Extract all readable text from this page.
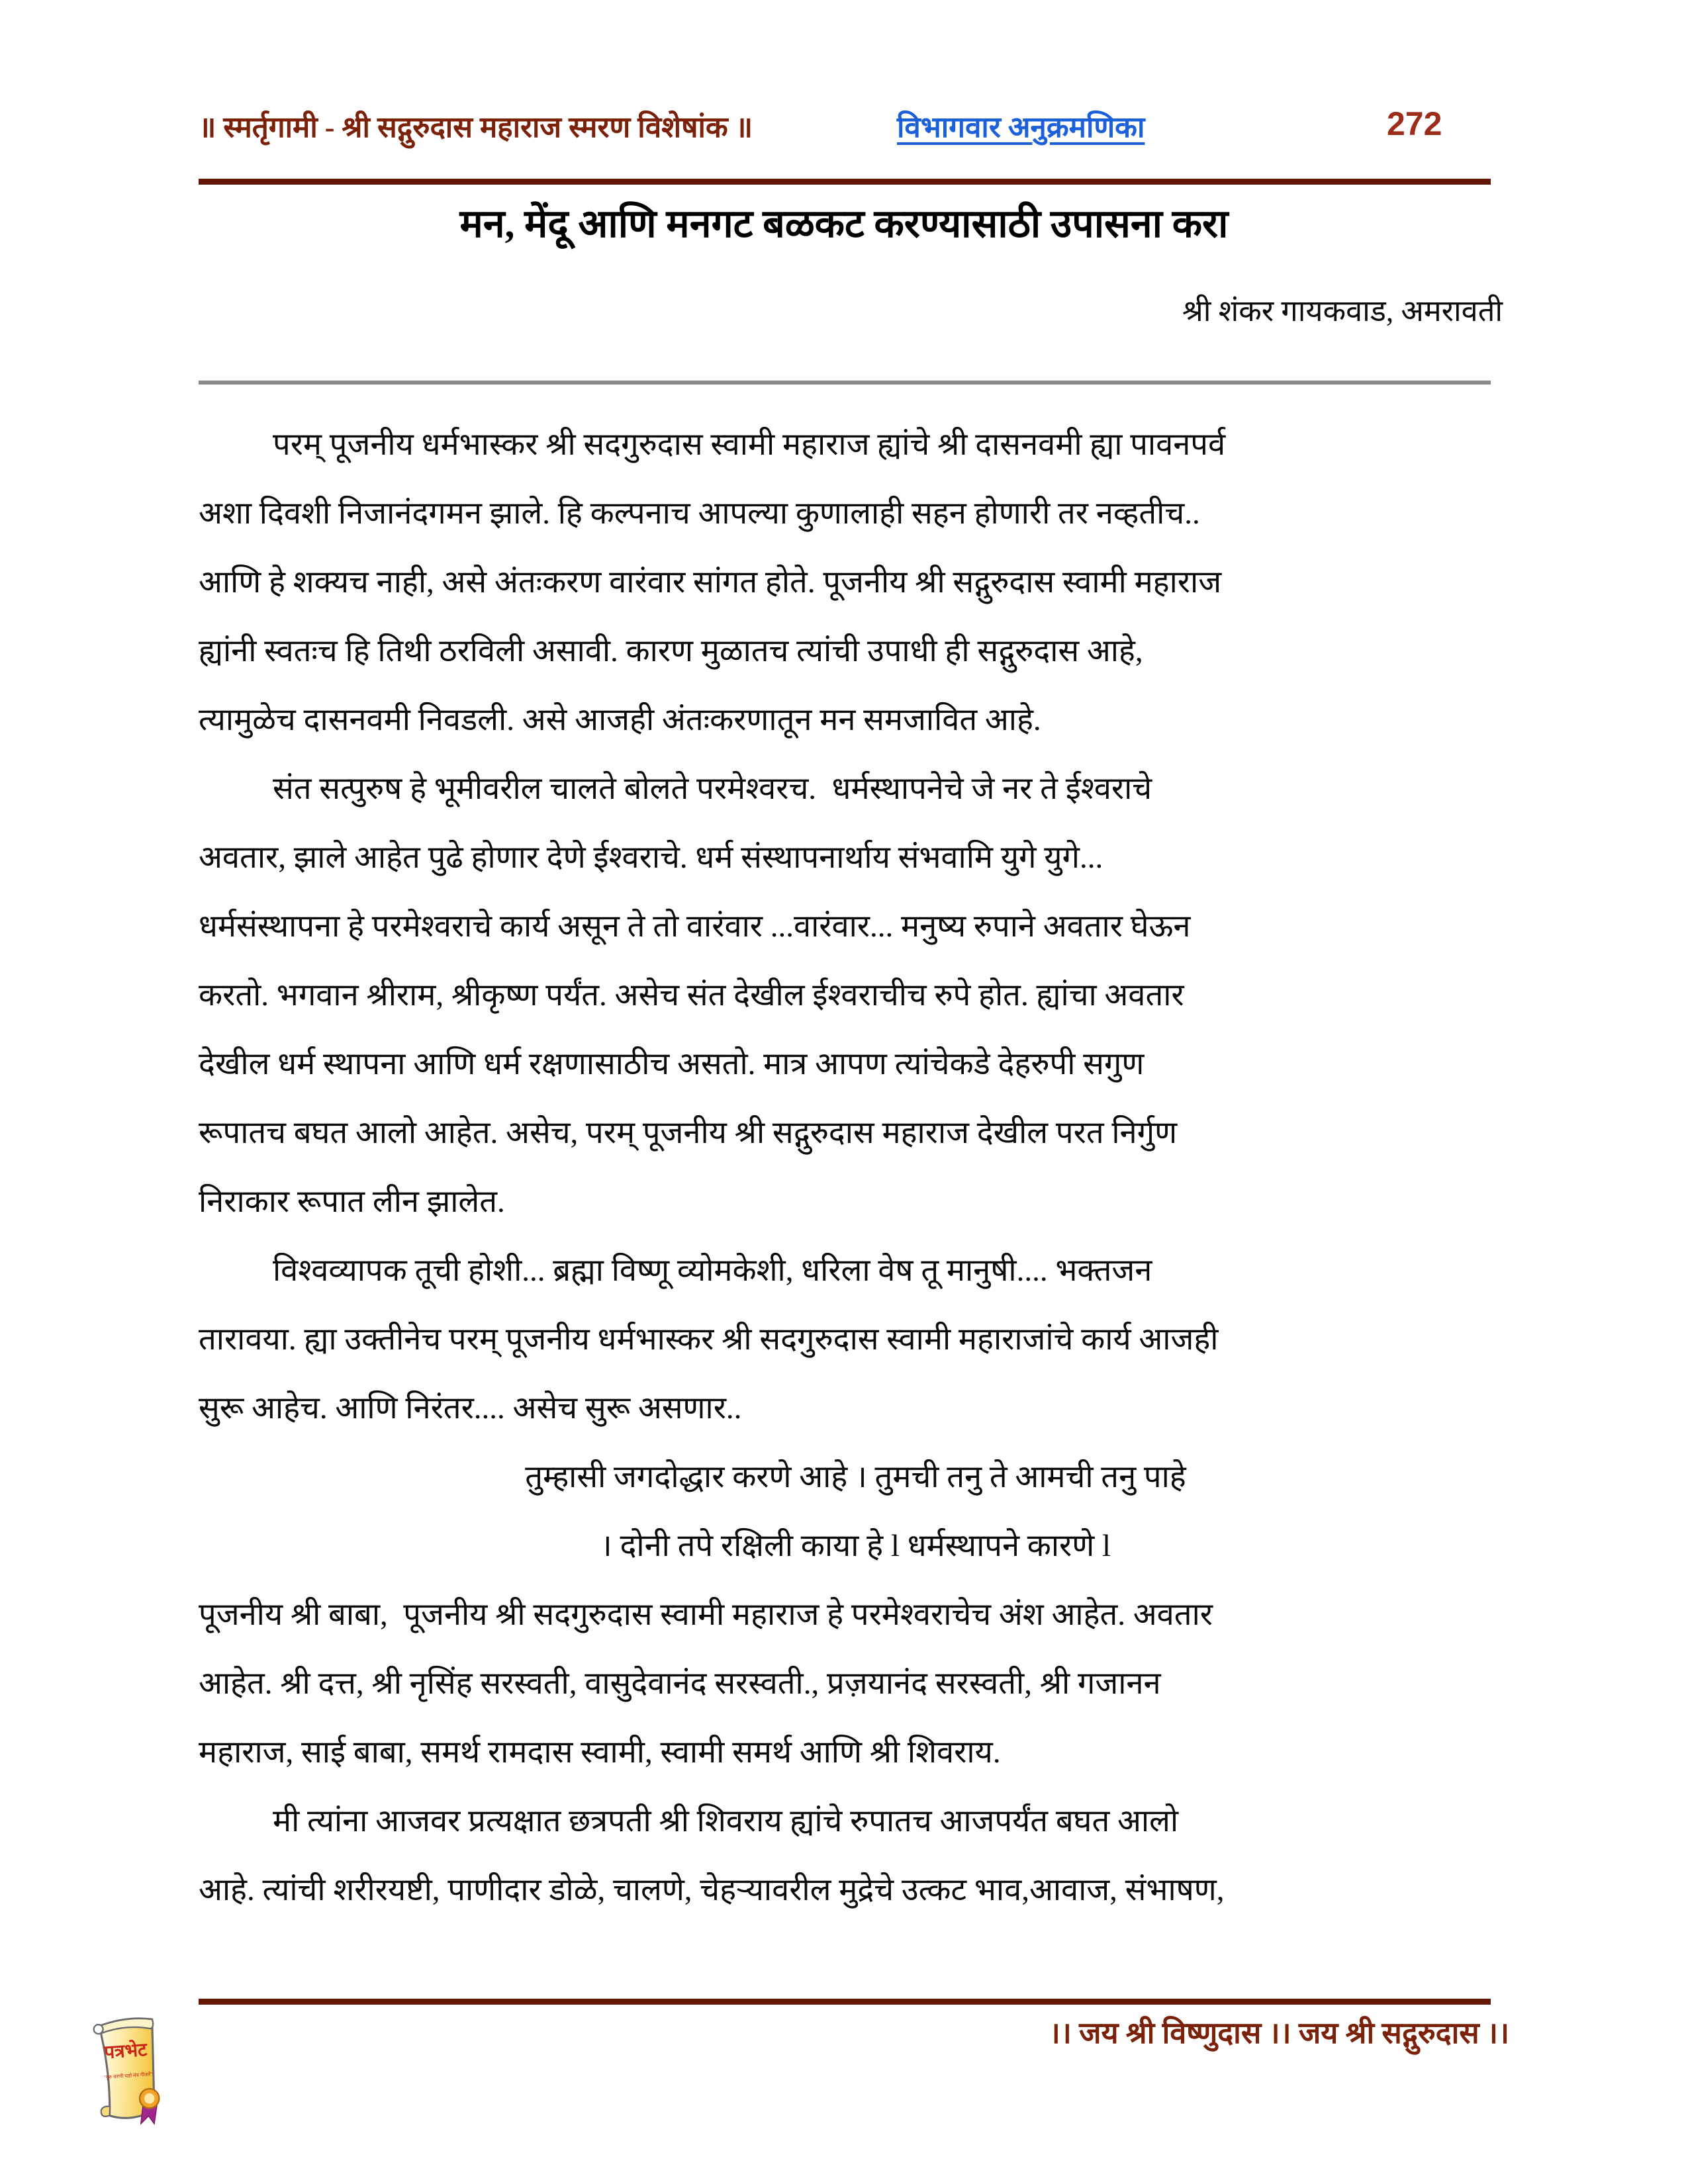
॥ स्मर्तृगामी - श्री सद्गुरुदास महाराज स्मरण विशेषांक ॥	विभागवार अनुक्रमणिका	272
मन, मेंदू आणि मनगट बळकट करण्यासाठी उपासना करा
श्री शंकर गायकवाड, अमरावती
परम् पूजनीय धर्मभास्कर श्री सदगुरुदास स्वामी महाराज ह्यांचे श्री दासनवमी ह्या पावनपर्व
अशा दिवशी निजानंदगमन झाले. हि कल्पनाच आपल्या कुणालाही सहन होणारी तर नव्हतीच..
आणि हे शक्यच नाही, असे अंतःकरण वारंवार सांगत होते. पूजनीय श्री सद्गुरुदास स्वामी महाराज
ह्यांनी स्वतःच हि तिथी ठरविली असावी. कारण मुळातच त्यांची उपाधी ही सद्गुरुदास आहे,
त्यामुळेच दासनवमी निवडली. असे आजही अंतःकरणातून मन समजावित आहे.
संत सत्पुरुष हे भूमीवरील चालते बोलते परमेश्वरच.  धर्मस्थापनेचे जे नर ते ईश्वराचे
अवतार, झाले आहेत पुढे होणार देणे ईश्वराचे. धर्म संस्थापनार्थाय संभवामि युगे युगे...
धर्मसंस्थापना हे परमेश्वराचे कार्य असून ते तो वारंवार ...वारंवार... मनुष्य रुपाने अवतार घेऊन
करतो. भगवान श्रीराम, श्रीकृष्ण पर्यंत. असेच संत देखील ईश्वराचीच रुपे होत. ह्यांचा अवतार
देखील धर्म स्थापना आणि धर्म रक्षणासाठीच असतो. मात्र आपण त्यांचेकडे देहरुपी सगुण
रूपातच बघत आलो आहेत. असेच, परम् पूजनीय श्री सद्गुरुदास महाराज देखील परत निर्गुण
निराकार रूपात लीन झालेत.
विश्वव्यापक तूची होशी... ब्रह्मा विष्णू व्योमकेशी, धरिला वेष तू मानुषी.... भक्तजन
तारावया. ह्या उक्तीनेच परम् पूजनीय धर्मभास्कर श्री सदगुरुदास स्वामी महाराजांचे कार्य आजही
सुरू आहेच. आणि निरंतर.... असेच सुरू असणार..
तुम्हासी जगदोद्धार करणे आहे । तुमची तनु ते आमची तनु पाहे
। दोनी तपे रक्षिली काया हे l धर्मस्थापने कारणे l
पूजनीय श्री बाबा,  पूजनीय श्री सदगुरुदास स्वामी महाराज हे परमेश्वराचेच अंश आहेत. अवतार
आहेत. श्री दत्त, श्री नृसिंह सरस्वती, वासुदेवानंद सरस्वती., प्रज़यानंद सरस्वती, श्री गजानन
महाराज, साई बाबा, समर्थ रामदास स्वामी, स्वामी समर्थ आणि श्री शिवराय.
मी त्यांना आजवर प्रत्यक्षात छत्रपती श्री शिवराय ह्यांचे रुपातच आजपर्यंत बघत आलो
आहे. त्यांची शरीरयष्टी, पाणीदार डोळे, चालणे, चेहऱ्यावरील मुद्रेचे उत्कट भाव,आवाज, संभाषण,
।। जय श्री विष्णुदास ।। जय श्री सद्गुरुदास ।।
पत्रभेट
"गुरु चरणी घडो मंत्र गीतारें"
